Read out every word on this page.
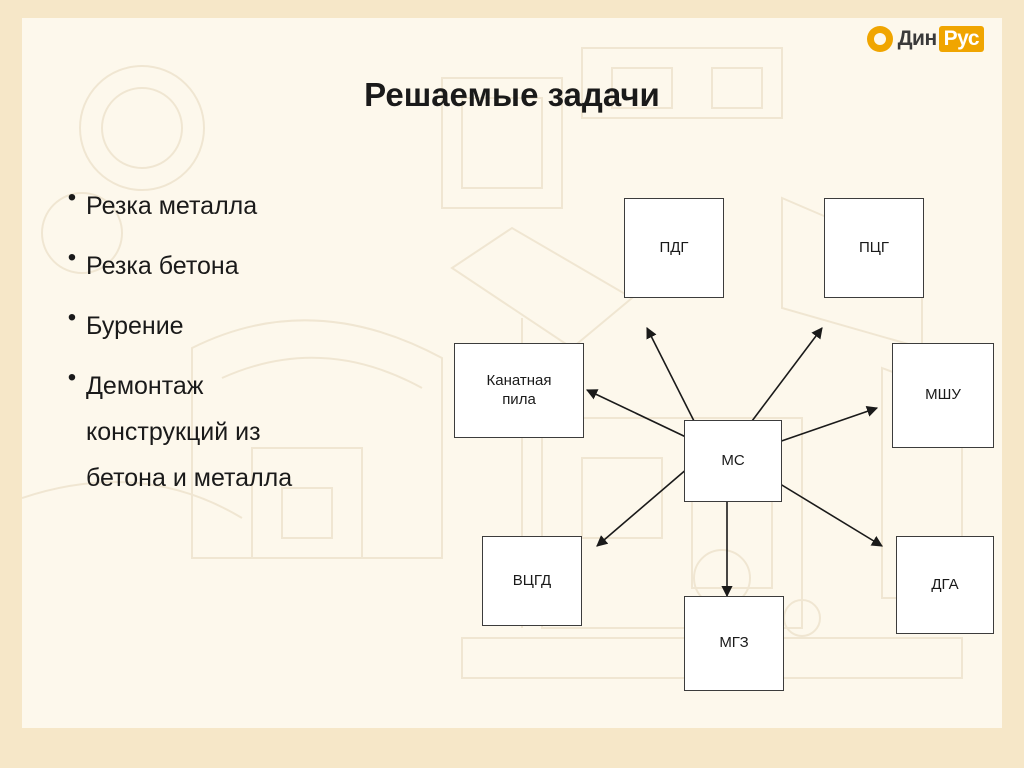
Дин Рус
Решаемые задачи
• Резка металла
• Резка бетона
• Бурение
• Демонтаж
конструкций из
бетона и металла
ПДГ	ПЦГ
Канатная пила	МШУ
МС
ВЦГД
МГЗ
ДГА
